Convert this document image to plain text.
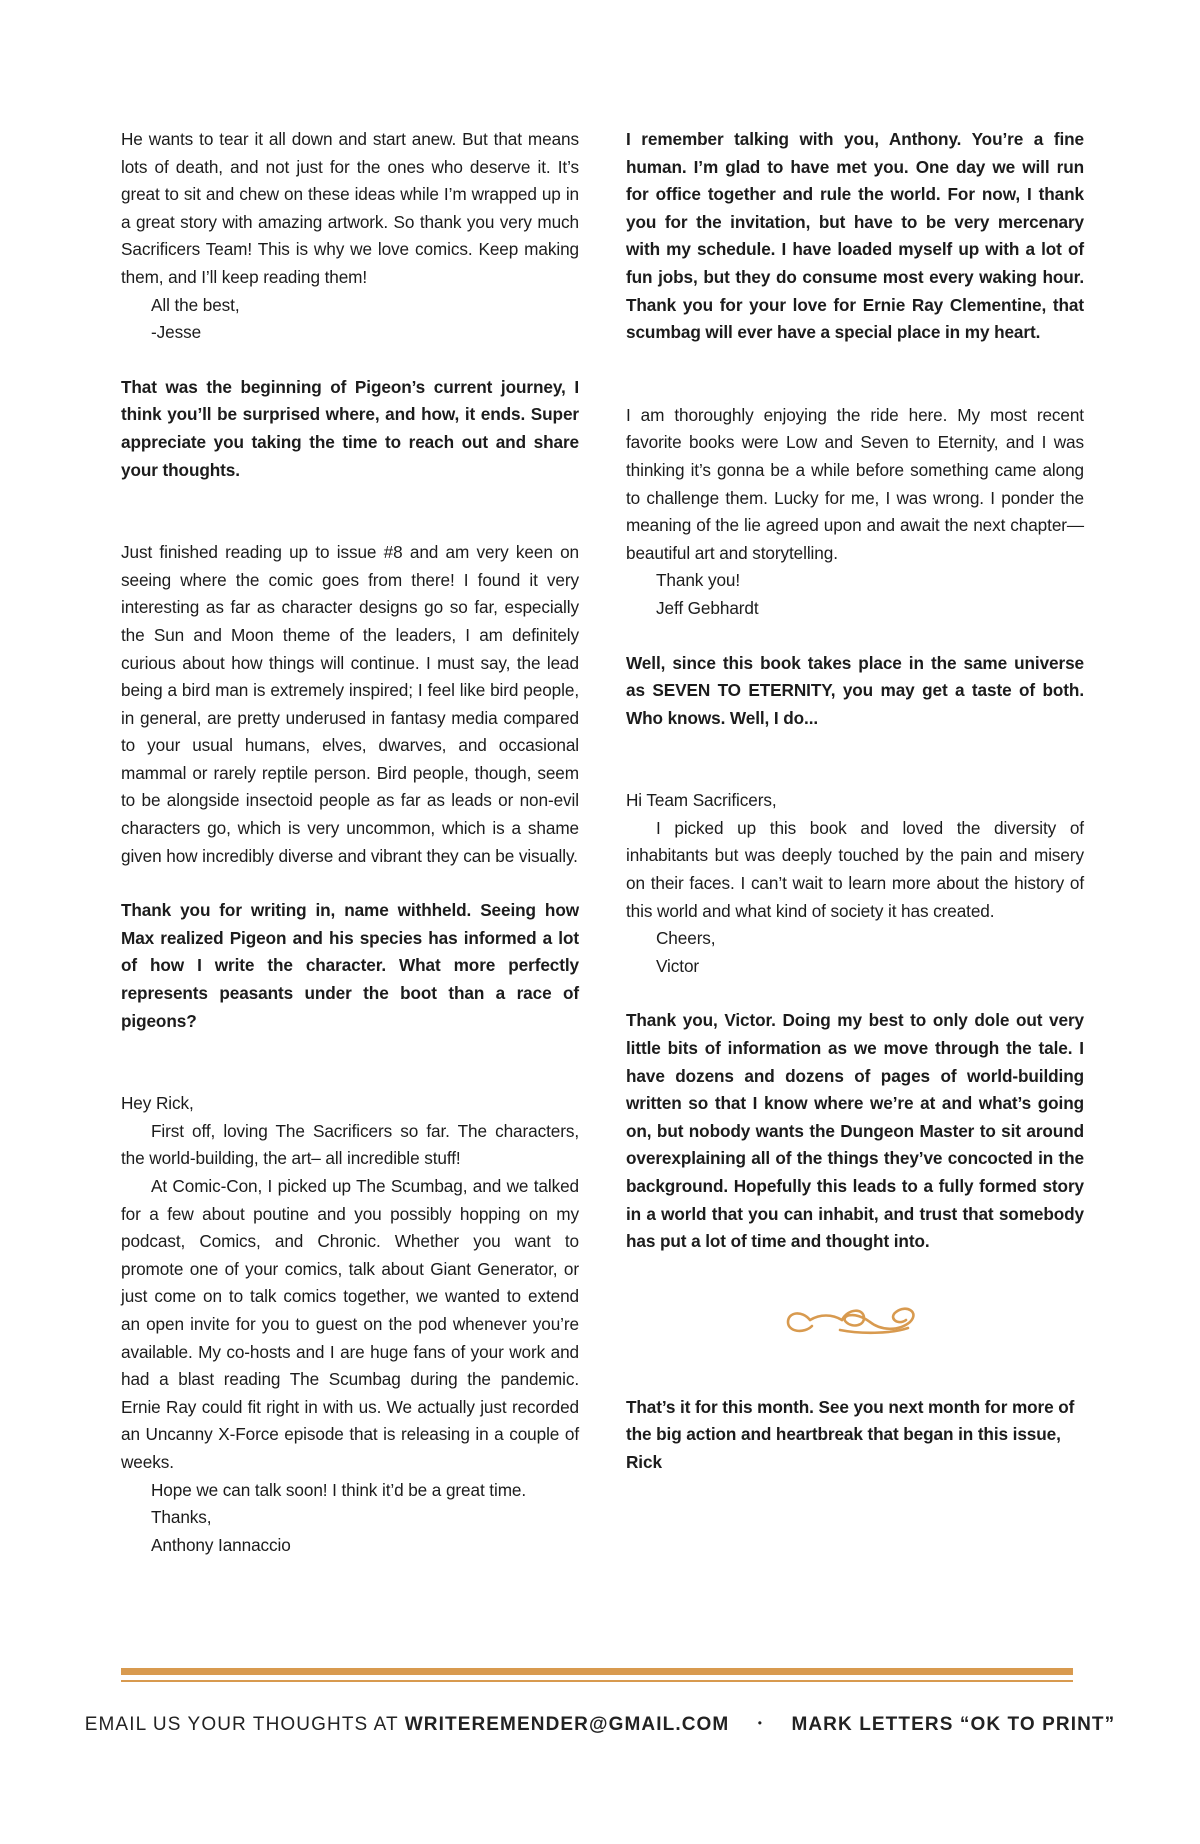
He wants to tear it all down and start anew. But that means lots of death, and not just for the ones who deserve it. It’s great to sit and chew on these ideas while I’m wrapped up in a great story with amazing artwork. So thank you very much Sacrificers Team! This is why we love comics. Keep making them, and I’ll keep reading them!

All the best,

-Jesse

That was the beginning of Pigeon’s current journey, I think you’ll be surprised where, and how, it ends. Super appreciate you taking the time to reach out and share your thoughts.

Just finished reading up to issue #8 and am very keen on seeing where the comic goes from there! I found it very interesting as far as character designs go so far, especially the Sun and Moon theme of the leaders, I am definitely curious about how things will continue. I must say, the lead being a bird man is extremely inspired; I feel like bird people, in general, are pretty underused in fantasy media compared to your usual humans, elves, dwarves, and occasional mammal or rarely reptile person. Bird people, though, seem to be alongside insectoid people as far as leads or non-evil characters go, which is very uncommon, which is a shame given how incredibly diverse and vibrant they can be visually.

Thank you for writing in, name withheld. Seeing how Max realized Pigeon and his species has informed a lot of how I write the character. What more perfectly represents peasants under the boot than a race of pigeons?

Hey Rick,

First off, loving The Sacrificers so far. The characters, the world-building, the art– all incredible stuff!

At Comic-Con, I picked up The Scumbag, and we talked for a few about poutine and you possibly hopping on my podcast, Comics, and Chronic. Whether you want to promote one of your comics, talk about Giant Generator, or just come on to talk comics together, we wanted to extend an open invite for you to guest on the pod whenever you’re available. My co-hosts and I are huge fans of your work and had a blast reading The Scumbag during the pandemic. Ernie Ray could fit right in with us. We actually just recorded an Uncanny X-Force episode that is releasing in a couple of weeks.

Hope we can talk soon! I think it’d be a great time.

Thanks,

Anthony Iannaccio

I remember talking with you, Anthony. You’re a fine human. I’m glad to have met you. One day we will run for office together and rule the world. For now, I thank you for the invitation, but have to be very mercenary with my schedule. I have loaded myself up with a lot of fun jobs, but they do consume most every waking hour. Thank you for your love for Ernie Ray Clementine, that scumbag will ever have a special place in my heart.

I am thoroughly enjoying the ride here. My most recent favorite books were Low and Seven to Eternity, and I was thinking it’s gonna be a while before something came along to challenge them. Lucky for me, I was wrong. I ponder the meaning of the lie agreed upon and await the next chapter—beautiful art and storytelling.

Thank you!

Jeff Gebhardt

Well, since this book takes place in the same universe as SEVEN TO ETERNITY, you may get a taste of both. Who knows. Well, I do...

Hi Team Sacrificers,

I picked up this book and loved the diversity of inhabitants but was deeply touched by the pain and misery on their faces. I can’t wait to learn more about the history of this world and what kind of society it has created.

Cheers,

Victor

Thank you, Victor. Doing my best to only dole out very little bits of information as we move through the tale. I have dozens and dozens of pages of world-building written so that I know where we’re at and what’s going on, but nobody wants the Dungeon Master to sit around overexplaining all of the things they’ve concocted in the background. Hopefully this leads to a fully formed story in a world that you can inhabit, and trust that somebody has put a lot of time and thought into.

That’s it for this month. See you next month for more of the big action and heartbreak that began in this issue,

Rick

EMAIL US YOUR THOUGHTS AT WRITEREMENDER@GMAIL.COM • MARK LETTERS “OK TO PRINT”
